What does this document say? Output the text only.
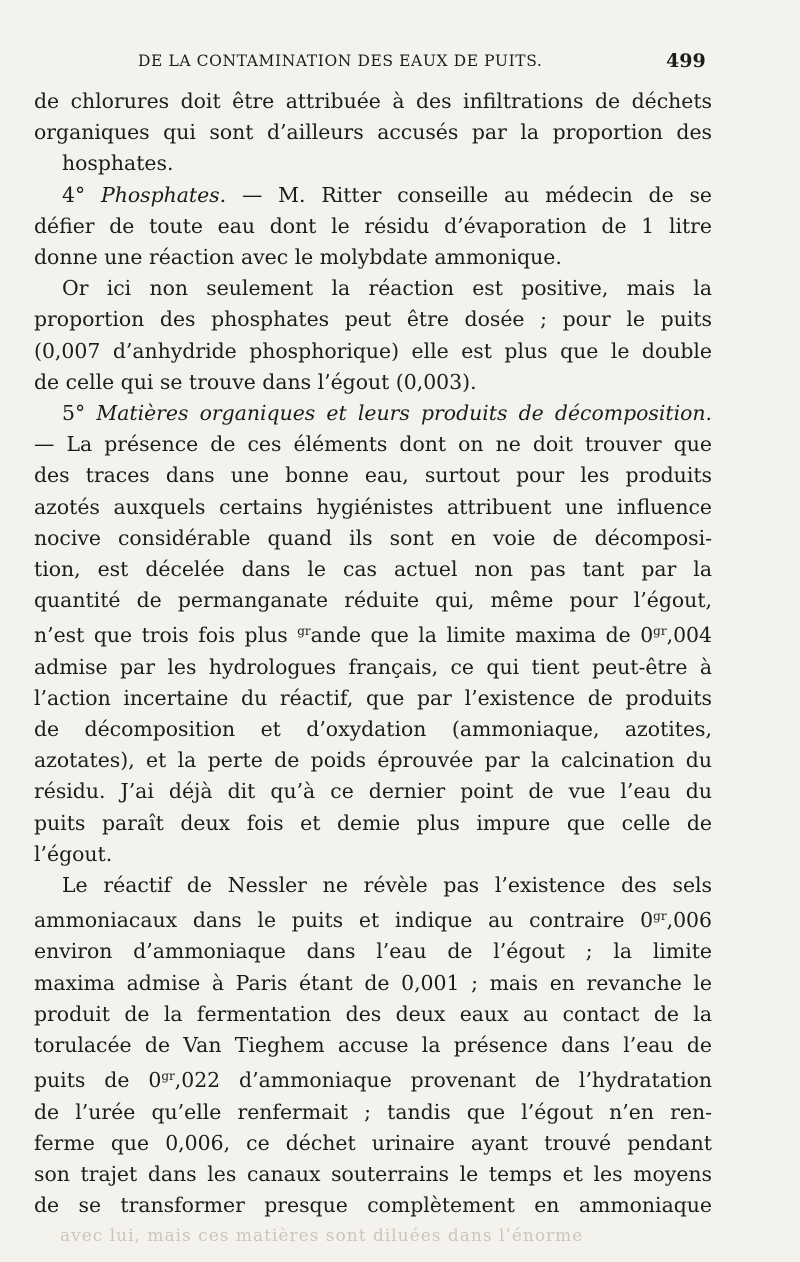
DE LA CONTAMINATION DES EAUX DE PUITS.	499

de chlorures doit être attribuée à des infiltrations de déchets
organiques qui sont d’ailleurs accusés par la proportion des
hosphates.

4° Phosphates. — M. Ritter conseille au médecin de se
défier de toute eau dont le résidu d’évaporation de 1 litre
donne une réaction avec le molybdate ammonique.

Or ici non seulement la réaction est positive, mais la
proportion des phosphates peut être dosée ; pour le puits
(0,007 d’anhydride phosphorique) elle est plus que le double
de celle qui se trouve dans l’égout (0,003).

5° Matières organiques et leurs produits de décomposition.
— La présence de ces éléments dont on ne doit trouver que
des traces dans une bonne eau, surtout pour les produits
azotés auxquels certains hygiénistes attribuent une influence
nocive considérable quand ils sont en voie de décomposi-
tion, est décelée dans le cas actuel non pas tant par la
quantité de permanganate réduite qui, même pour l’égout,
n’est que trois fois plus $^{gr}$ande que la limite maxima de $0^{gr},004$
admise par les hydrologues français, ce qui tient peut-être à
l’action incertaine du réactif, que par l’existence de produits
de décomposition et d’oxydation (ammoniaque, azotites,
azotates), et la perte de poids éprouvée par la calcination du
résidu. J’ai déjà dit qu’à ce dernier point de vue l’eau du
puits paraît deux fois et demie plus impure que celle de
l’égout.

Le réactif de Nessler ne révèle pas l’existence des sels
ammoniacaux dans le puits et indique au contraire $0^{gr},006$
environ d’ammoniaque dans l’eau de l’égout ; la limite
maxima admise à Paris étant de 0,001 ; mais en revanche le
produit de la fermentation des deux eaux au contact de la
torulacée de Van Tieghem accuse la présence dans l’eau de
puits de $0^{gr},022$ d’ammoniaque provenant de l’hydratation
de l’urée qu’elle renfermait ; tandis que l’égout n’en ren-
ferme que 0,006, ce déchet urinaire ayant trouvé pendant
son trajet dans les canaux souterrains le temps et les moyens
de se transformer presque complètement en ammoniaque

avec lui, mais ces matières sont diluées dans l’énorme
